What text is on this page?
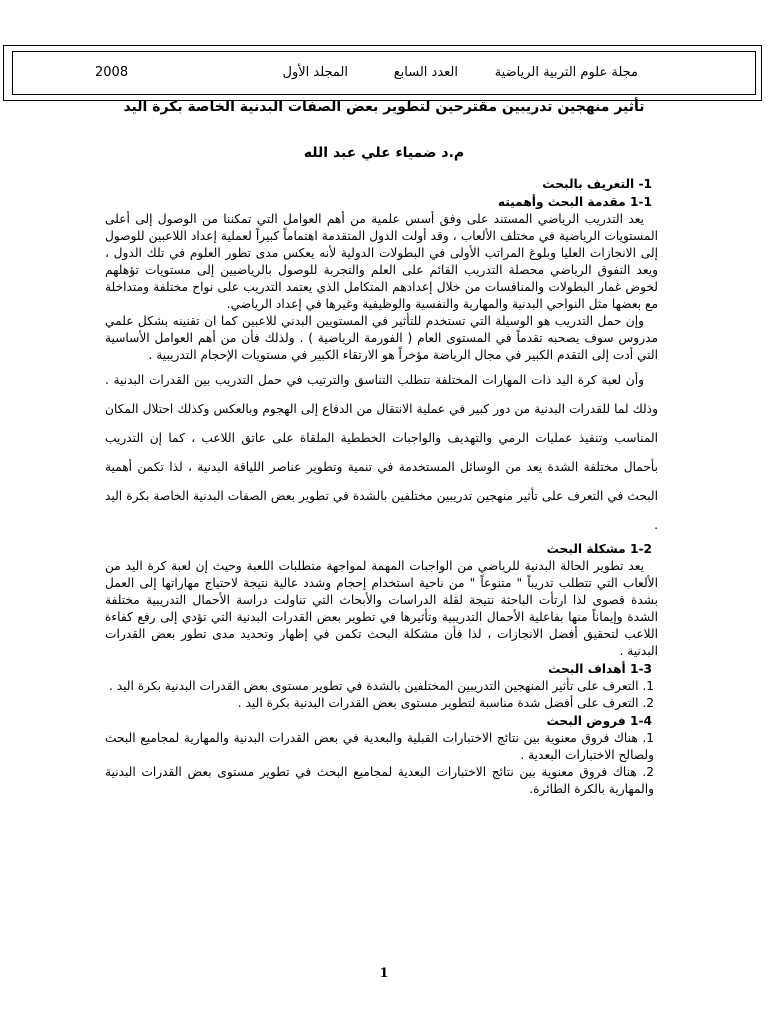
مجلة علوم التربية الرياضية
العدد السابع
المجلد الأول
2008
تأثير منهجين تدريبين مقترحين لتطوير بعض الصفات البدنية الخاصة بكرة اليد
م.د ضمياء علي عبد الله

1- التعريف بالبحث

1-1 مقدمة البحث وأهميته

يعد التدريب الرياضي المستند على وفق أسس علمية من أهم العوامل التي تمكننا من الوصول إلى أعلى المستويات الرياضية في مختلف الألعاب ، وقد أولت الدول المتقدمة اهتماماً كبيراً لعملية إعداد اللاعبين للوصول إلى الانجازات العليا وبلوغ المراتب الأولى في البطولات الدولية لأنه يعكس مدى تطور العلوم في تلك الدول ، ويعد التفوق الرياضي محصلة التدريب القائم على العلم والتجربة للوصول بالرياضيين إلى مستويات تؤهلهم لخوض غمار البطولات والمنافسات من خلال إعدادهم المتكامل الذي يعتمد التدريب على نواح مختلفة ومتداخلة مع بعضها مثل النواحي البدنية والمهارية والنفسية والوظيفية وغيرها في إعداد الرياضي.

وإن حمل التدريب هو الوسيلة التي تستخدم للتأثير في المستويين البدني للاعبين كما ان تقنينه بشكل علمي مدروس سوف يصحبه تقدماً في المستوى العام ( الفورمة الرياضية ) . ولذلك فأن من أهم العوامل الأساسية التي أدت إلى التقدم الكبير في مجال الرياضة مؤخراً هو الارتقاء الكبير في مستويات الإحجام التدريبية .

وأن لعبة كرة اليد ذات المهارات المختلفة تتطلب التناسق والترتيب في حمل التدريب بين القدرات البدنية . وذلك لما للقدرات البدنية من دور كبير في عملية الانتقال من الدفاع إلى الهجوم وبالعكس وكذلك احتلال المكان المناسب وتنفيذ عمليات الرمي والتهديف والواجبات الخططية الملقاة على عاتق اللاعب ، كما إن التدريب بأحمال مختلفة الشدة يعد من الوسائل المستخدمة في تنمية وتطوير عناصر اللياقة البدنية ، لذا تكمن أهمية البحث في التعرف على تأثير منهجين تدريبين مختلفين بالشدة في تطوير بعض الصفات البدنية الخاصة بكرة اليد .

1-2 مشكلة البحث

يعد تطوير الحالة البدنية للرياضي من الواجبات المهمة لمواجهة متطلبات اللعبة وحيث إن لعبة كرة اليد من الألعاب التي تتطلب تدريباً " متنوعاً " من ناحية استخدام إحجام وشدد عالية نتيجة لاحتياج مهاراتها إلى العمل بشدة قصوى لذا ارتأت الباحثة نتيجة لقلة الدراسات والأبحاث التي تناولت دراسة الأحمال التدريبية مختلفة الشدة وإيماناً منها بفاعلية الأحمال التدريبية وتأثيرها في تطوير بعض القدرات البدنية التي تؤدي إلى رفع كفاءة اللاعب لتحقيق أفضل الانجازات ، لذا فأن مشكلة البحث تكمن في إظهار وتحديد مدى تطور بعض القدرات البدنية .

1-3 أهداف البحث

1. التعرف على تأثير المنهجين التدريبين المختلفين بالشدة في تطوير مستوى بعض القدرات البدنية بكرة اليد .

2. التعرف على أفضل شدة مناسبة لتطوير مستوى بعض القدرات البدنية بكرة اليد .

1-4 فروض البحث

1. هناك فروق معنوية بين نتائج الاختبارات القبلية والبعدية في بعض القدرات البدنية والمهارية لمجاميع البحث ولصالح الاختبارات البعدية .

2. هناك فروق معنوية بين نتائج الاختبارات البعدية لمجاميع البحث في تطوير مستوى بعض القدرات البدنية والمهارية بالكرة الطائرة.

1
